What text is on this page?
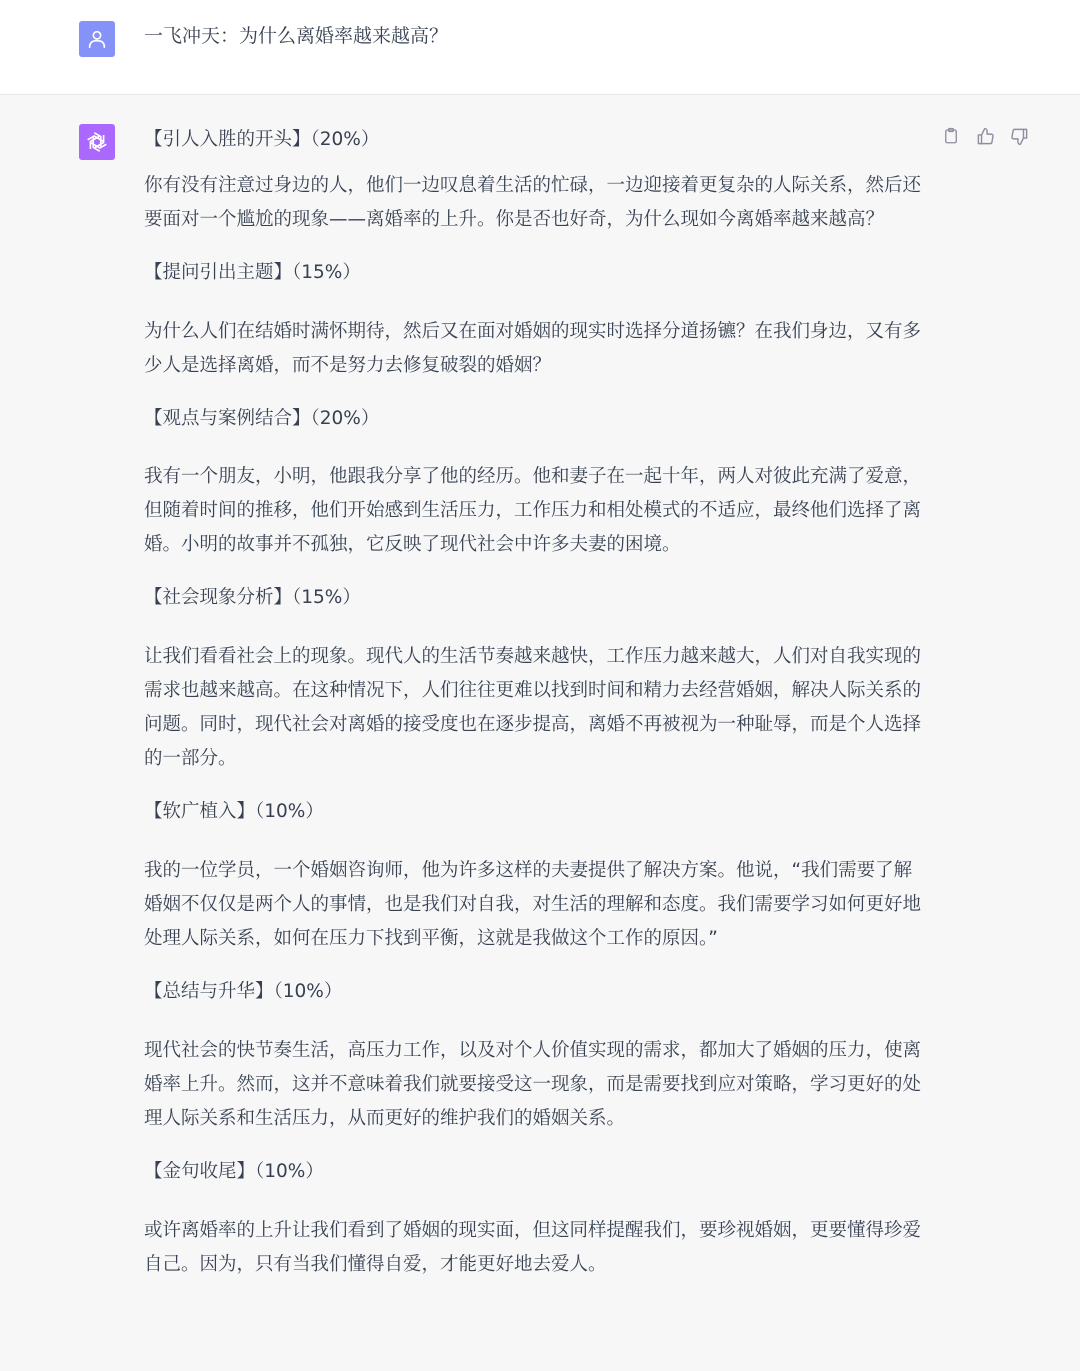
一飞冲天：为什么离婚率越来越高？

【引人入胜的开头】（20%）

你有没有注意过身边的人，他们一边叹息着生活的忙碌，一边迎接着更复杂的人际关系，然后还要面对一个尴尬的现象——离婚率的上升。你是否也好奇，为什么现如今离婚率越来越高？

【提问引出主题】（15%）

为什么人们在结婚时满怀期待，然后又在面对婚姻的现实时选择分道扬镳？在我们身边，又有多少人是选择离婚，而不是努力去修复破裂的婚姻？

【观点与案例结合】（20%）

我有一个朋友，小明，他跟我分享了他的经历。他和妻子在一起十年，两人对彼此充满了爱意，但随着时间的推移，他们开始感到生活压力，工作压力和相处模式的不适应，最终他们选择了离婚。小明的故事并不孤独，它反映了现代社会中许多夫妻的困境。

【社会现象分析】（15%）

让我们看看社会上的现象。现代人的生活节奏越来越快，工作压力越来越大，人们对自我实现的需求也越来越高。在这种情况下，人们往往更难以找到时间和精力去经营婚姻，解决人际关系的问题。同时，现代社会对离婚的接受度也在逐步提高，离婚不再被视为一种耻辱，而是个人选择的一部分。

【软广植入】（10%）

我的一位学员，一个婚姻咨询师，他为许多这样的夫妻提供了解决方案。他说，“我们需要了解婚姻不仅仅是两个人的事情，也是我们对自我，对生活的理解和态度。我们需要学习如何更好地处理人际关系，如何在压力下找到平衡，这就是我做这个工作的原因。”

【总结与升华】（10%）

现代社会的快节奏生活，高压力工作，以及对个人价值实现的需求，都加大了婚姻的压力，使离婚率上升。然而，这并不意味着我们就要接受这一现象，而是需要找到应对策略，学习更好的处理人际关系和生活压力，从而更好的维护我们的婚姻关系。

【金句收尾】（10%）

或许离婚率的上升让我们看到了婚姻的现实面，但这同样提醒我们，要珍视婚姻，更要懂得珍爱自己。因为，只有当我们懂得自爱，才能更好地去爱人。
